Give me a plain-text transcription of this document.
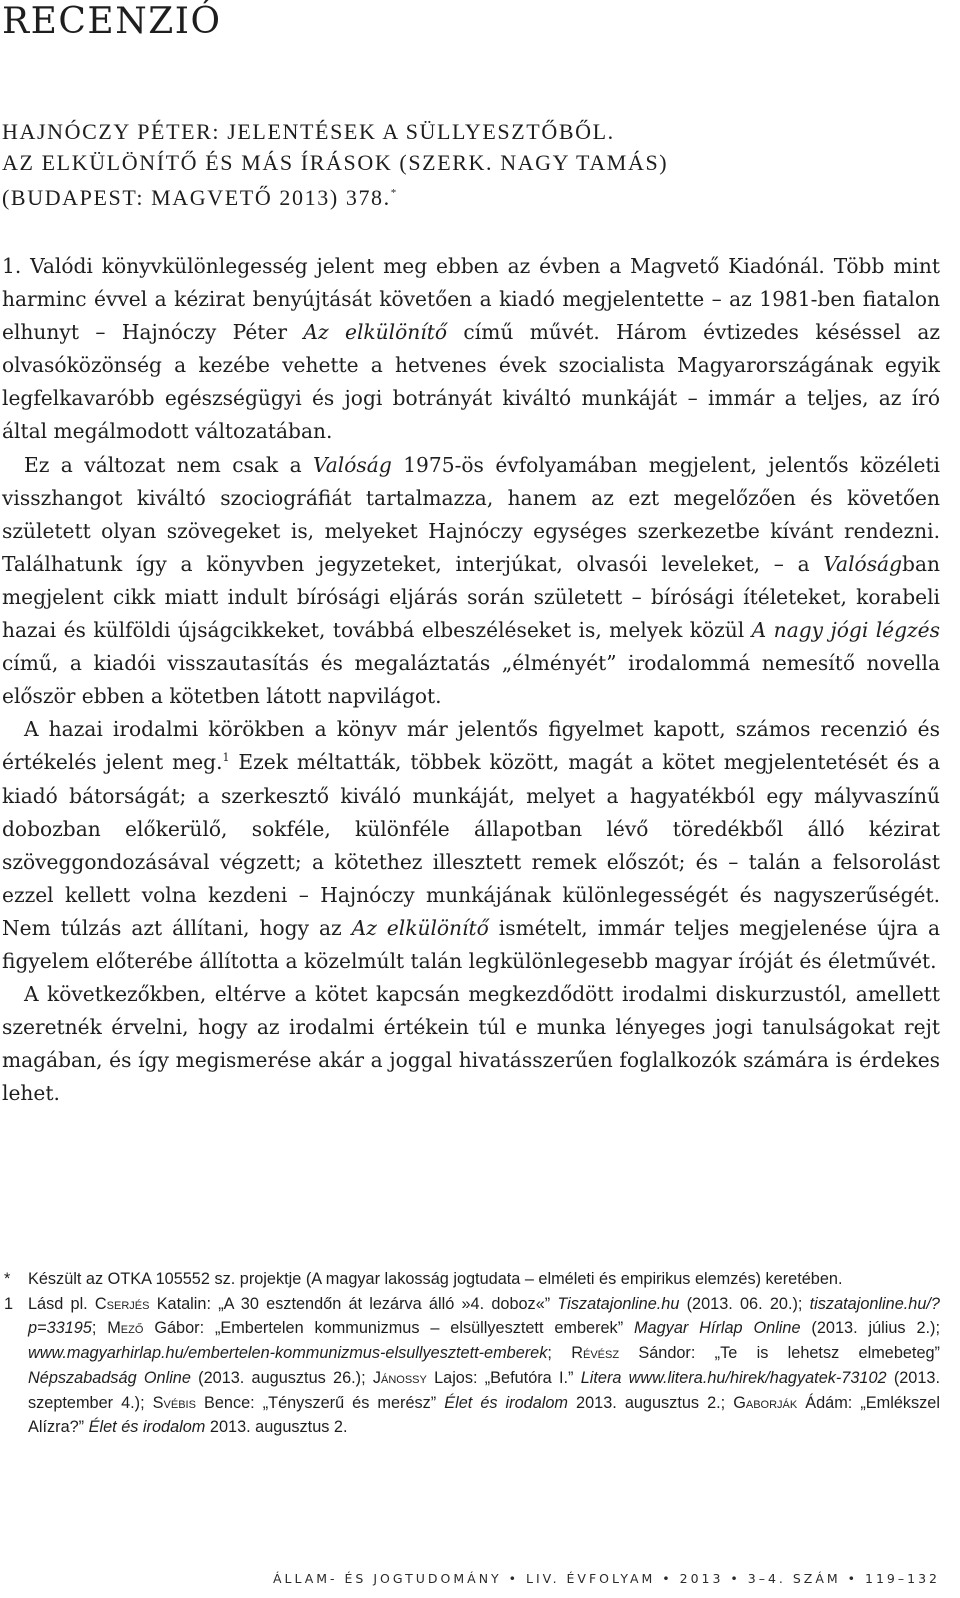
RECENZIÓ
HAJNÓCZY PÉTER: JELENTÉSEK A SÜLLYESZTŐBŐL.
AZ ELKÜLÖNÍTŐ ÉS MÁS ÍRÁSOK (SZERK. NAGY TAMÁS)
(BUDAPEST: MAGVETŐ 2013) 378.*

1. Valódi könyvkülönlegesség jelent meg ebben az évben a Magvető Kiadónál. Több mint harminc évvel a kézirat benyújtását követően a kiadó megjelentette – az 1981-ben fiatalon elhunyt – Hajnóczy Péter Az elkülönítő című művét. Három évtizedes késéssel az olvasóközönség a kezébe vehette a hetvenes évek szocialista Magyarországának egyik legfelkavaróbb egészségügyi és jogi botrányát kiváltó munkáját – immár a teljes, az író által megálmodott változatában.

Ez a változat nem csak a Valóság 1975-ös évfolyamában megjelent, jelentős közéleti visszhangot kiváltó szociográfiát tartalmazza, hanem az ezt megelőzően és követően született olyan szövegeket is, melyeket Hajnóczy egységes szerkezetbe kívánt rendezni. Találhatunk így a könyvben jegyzeteket, interjúkat, olvasói leveleket, – a Valóságban megjelent cikk miatt indult bírósági eljárás során született – bírósági ítéleteket, korabeli hazai és külföldi újságcikkeket, továbbá elbeszéléseket is, melyek közül A nagy jógi légzés című, a kiadói visszautasítás és megaláztatás „élményét” irodalommá nemesítő novella először ebben a kötetben látott napvilágot.

A hazai irodalmi körökben a könyv már jelentős figyelmet kapott, számos recenzió és értékelés jelent meg.$^1$ Ezek méltatták, többek között, magát a kötet megjelentetését és a kiadó bátorságát; a szerkesztő kiváló munkáját, melyet a hagyatékból egy mályvaszínű dobozban előkerülő, sokféle, különféle állapotban lévő töredékből álló kézirat szöveggondozásával végzett; a kötethez illesztett remek előszót; és – talán a felsorolást ezzel kellett volna kezdeni – Hajnóczy munkájának különlegességét és nagyszerűségét. Nem túlzás azt állítani, hogy az Az elkülönítő ismételt, immár teljes megjelenése újra a figyelem előterébe állította a közelmúlt talán legkülönlegesebb magyar íróját és életművét.

A következőkben, eltérve a kötet kapcsán megkezdődött irodalmi diskurzustól, amellett szeretnék érvelni, hogy az irodalmi értékein túl e munka lényeges jogi tanulságokat rejt magában, és így megismerése akár a joggal hivatásszerűen foglalkozók számára is érdekes lehet.

* Készült az OTKA 105552 sz. projektje (A magyar lakosság jogtudata – elméleti és empirikus elemzés) keretében.
1 Lásd pl. Cserjés Katalin: „A 30 esztendőn át lezárva álló »4. doboz«” Tiszatajonline.hu (2013. 06. 20.); tiszatajonline.hu/?p=33195; Mező Gábor: „Embertelen kommunizmus – elsüllyesztett emberek” Magyar Hírlap Online (2013. július 2.); www.magyarhirlap.hu/embertelen-kommunizmus-elsullyesztett-emberek; Révész Sándor: „Te is lehetsz elmebeteg” Népszabadság Online (2013. augusztus 26.); Jánossy Lajos: „Befutóra I.” Litera www.litera.hu/hirek/hagyatek-73102 (2013. szeptember 4.); Svébis Bence: „Tényszerű és merész” Élet és irodalom 2013. augusztus 2.; Gaborják Ádám: „Emlékszel Alízra?” Élet és irodalom 2013. augusztus 2.
ÁLLAM- ÉS JOGTUDOMÁNY • LIV. ÉVFOLYAM • 2013 • 3–4. SZÁM • 119–132
